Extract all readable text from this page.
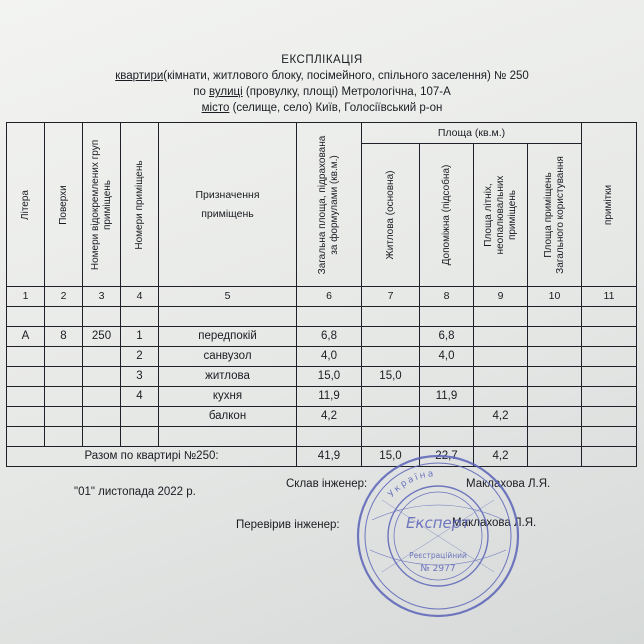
ЕКСПЛІКАЦІЯ
квартири(кімнати, житлового блоку, посімейного, спільного заселення) № 250
по вулиці (провулку, площі) Метрологічна, 107-А
місто (селище, село) Київ, Голосіївський р-он
Літера	Поверхи	Номери відокремлених груп приміщень	Номери приміщень	Призначення приміщень	Загальна площа, підрахована за формулами (кв.м.)	Площа (кв.м.)				примітки

						Житлова (основна)	Допоміжна (підсобна)	Площа літніх, неопалювальних приміщень	Площа приміщень Загального користування	

1	2	3	4	5	6	7	8	9	10	11

А	8	250	1	передпокій	6,8		6,8			
			2	санвузол	4,0		4,0			
			3	житлова	15,0	15,0				
			4	кухня	11,9		11,9			
				балкон	4,2			4,2		

Разом по квартирі №250:					41,9	15,0	22,7	4,2		
"01" листопада 2022 р.
Склав інженер:	Маклахова Л.Я.
Перевірив інженер:	Маклахова Л.Я.
Україна
Експерт
Реєстраційний
№ 2977
